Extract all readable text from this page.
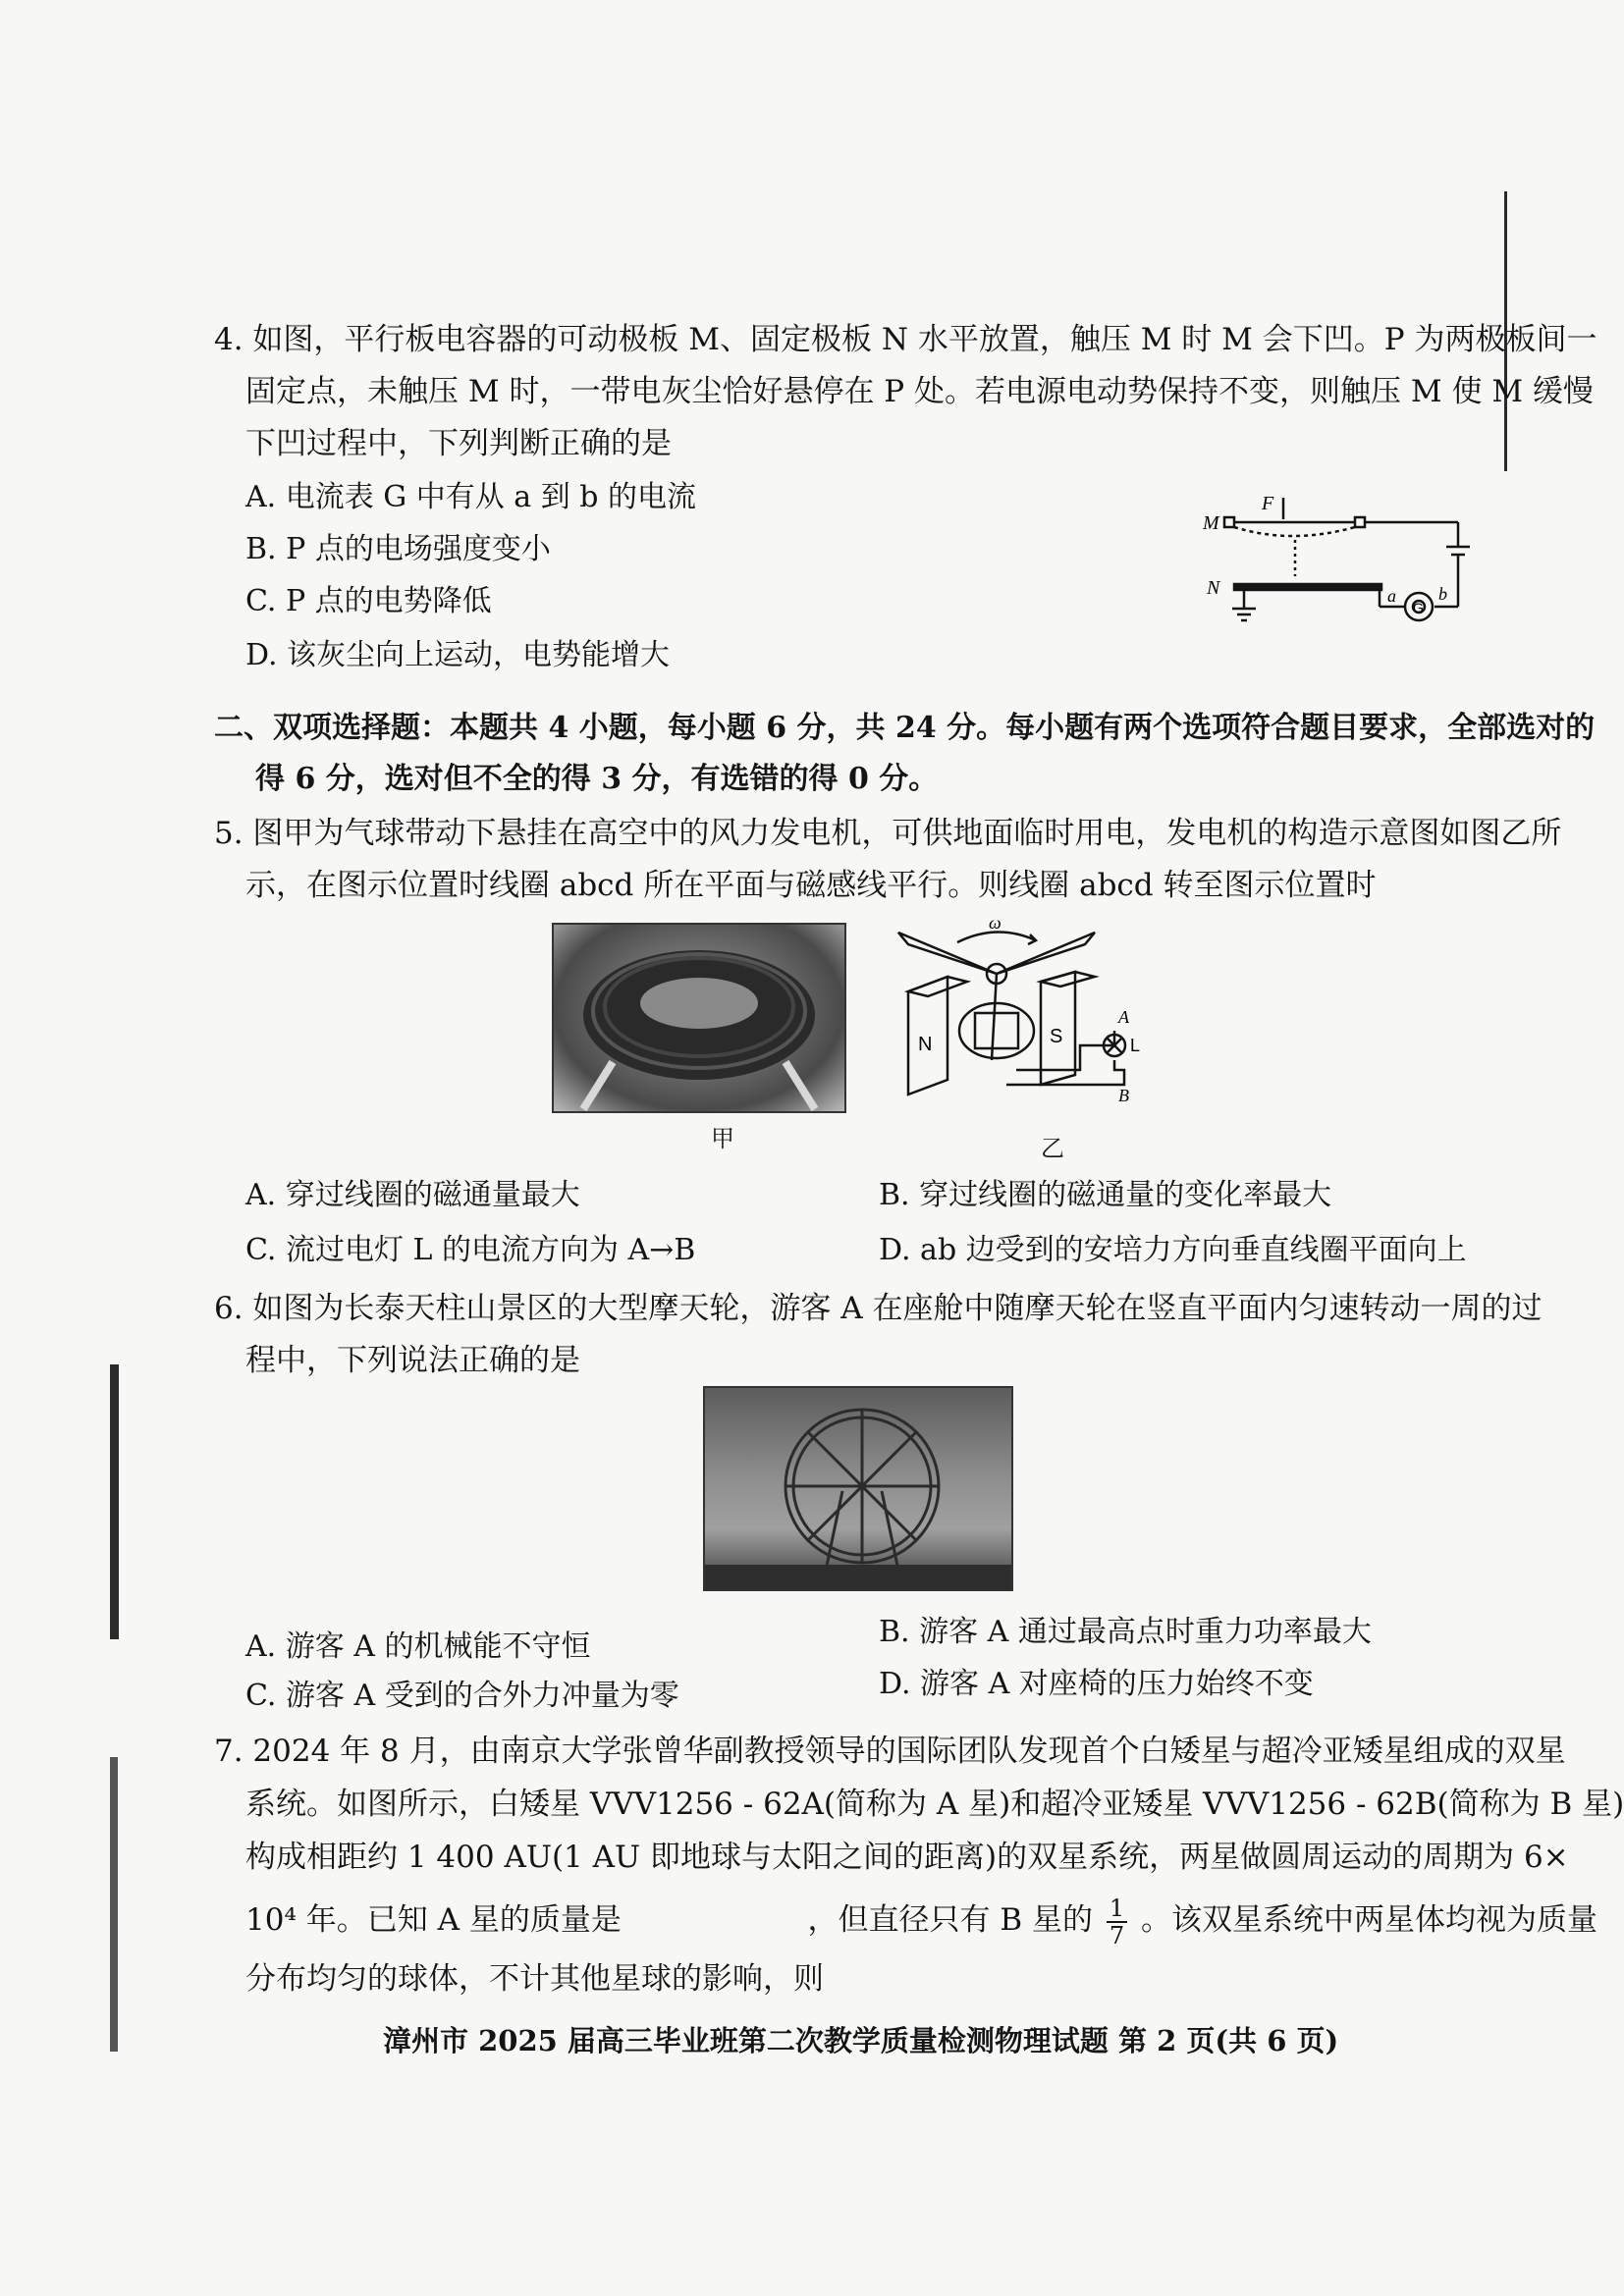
4. 如图，平行板电容器的可动极板 M、固定极板 N 水平放置，触压 M 时 M 会下凹。P 为两极板间一
固定点，未触压 M 时，一带电灰尘恰好悬停在 P 处。若电源电动势保持不变，则触压 M 使 M 缓慢
下凹过程中，下列判断正确的是
A. 电流表 G 中有从 a 到 b 的电流
B. P 点的电场强度变小
C. P 点的电势降低
D. 该灰尘向上运动，电势能增大
M
F
N	a b
G
二、双项选择题：本题共 4 小题，每小题 6 分，共 24 分。每小题有两个选项符合题目要求，全部选对的
得 6 分，选对但不全的得 3 分，有选错的得 0 分。
5. 图甲为气球带动下悬挂在高空中的风力发电机，可供地面临时用电，发电机的构造示意图如图乙所
示，在图示位置时线圈 abcd 所在平面与磁感线平行。则线圈 abcd 转至图示位置时
甲
ω
N	S
A
L
B
乙
A. 穿过线圈的磁通量最大	B. 穿过线圈的磁通量的变化率最大
C. 流过电灯 L 的电流方向为 A→B	D. ab 边受到的安培力方向垂直线圈平面向上
6. 如图为长泰天柱山景区的大型摩天轮，游客 A 在座舱中随摩天轮在竖直平面内匀速转动一周的过
程中，下列说法正确的是
A. 游客 A 的机械能不守恒	B. 游客 A 通过最高点时重力功率最大
C. 游客 A 受到的合外力冲量为零	D. 游客 A 对座椅的压力始终不变
7. 2024 年 8 月，由南京大学张曾华副教授领导的国际团队发现首个白矮星与超冷亚矮星组成的双星
系统。如图所示，白矮星 VVV1256 - 62A(简称为 A 星)和超冷亚矮星 VVV1256 - 62B(简称为 B 星)
构成相距约 1 400 AU(1 AU 即地球与太阳之间的距离)的双星系统，两星做圆周运动的周期为 6×
10⁴ 年。已知 A 星的质量是	，但直径只有 B 星的 $\frac{1}{7}$ 。该双星系统中两星体均视为质量
分布均匀的球体，不计其他星球的影响，则
漳州市 2025 届高三毕业班第二次教学质量检测物理试题 第 2 页(共 6 页)
